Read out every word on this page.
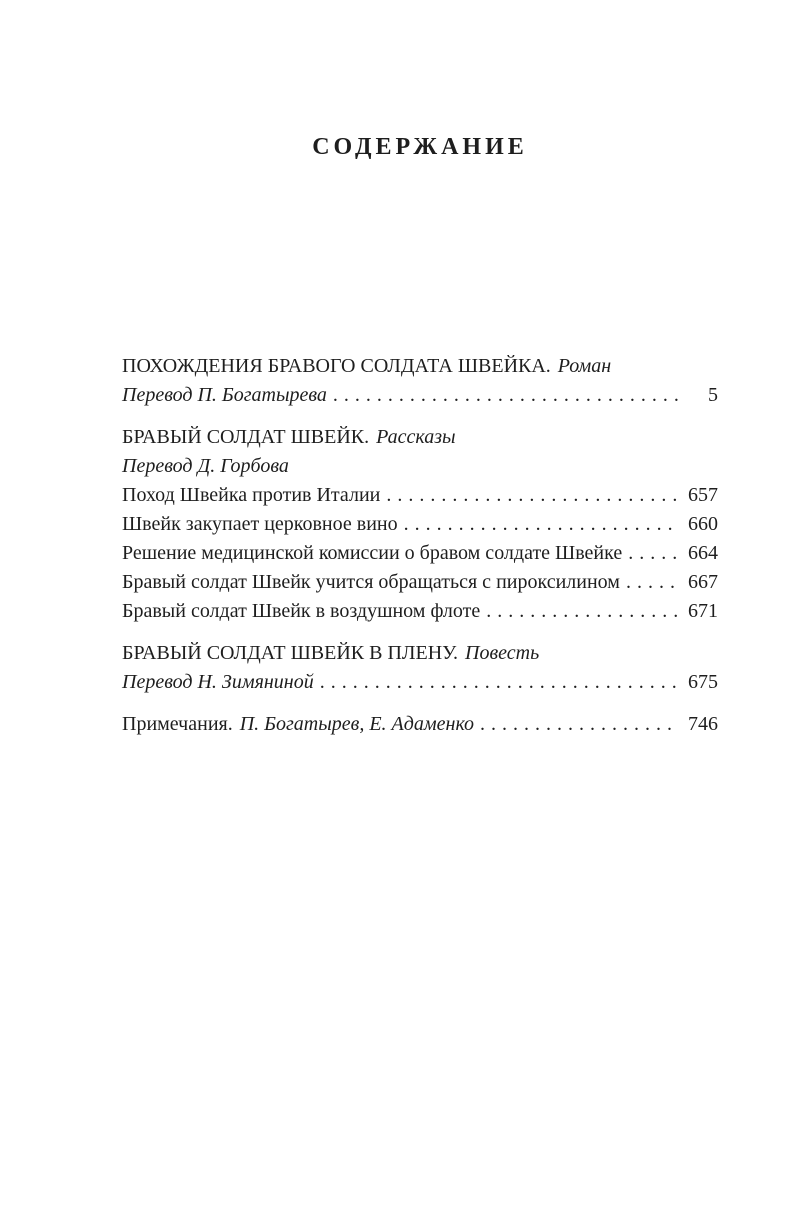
СОДЕРЖАНИЕ
ПОХОЖДЕНИЯ БРАВОГО СОЛДАТА ШВЕЙКА. Роман
Перевод П. Богатырева .....	5
БРАВЫЙ СОЛДАТ ШВЕЙК. Рассказы
Перевод Д. Горбова
Поход Швейка против Италии .....	657
Швейк закупает церковное вино .....	660
Решение медицинской комиссии о бравом солдате Швейке .....	664
Бравый солдат Швейк учится обращаться с пироксилином .....	667
Бравый солдат Швейк в воздушном флоте .....	671
БРАВЫЙ СОЛДАТ ШВЕЙК В ПЛЕНУ. Повесть
Перевод Н. Зимяниной .....	675
Примечания. П. Богатырев, Е. Адаменко .....	746
